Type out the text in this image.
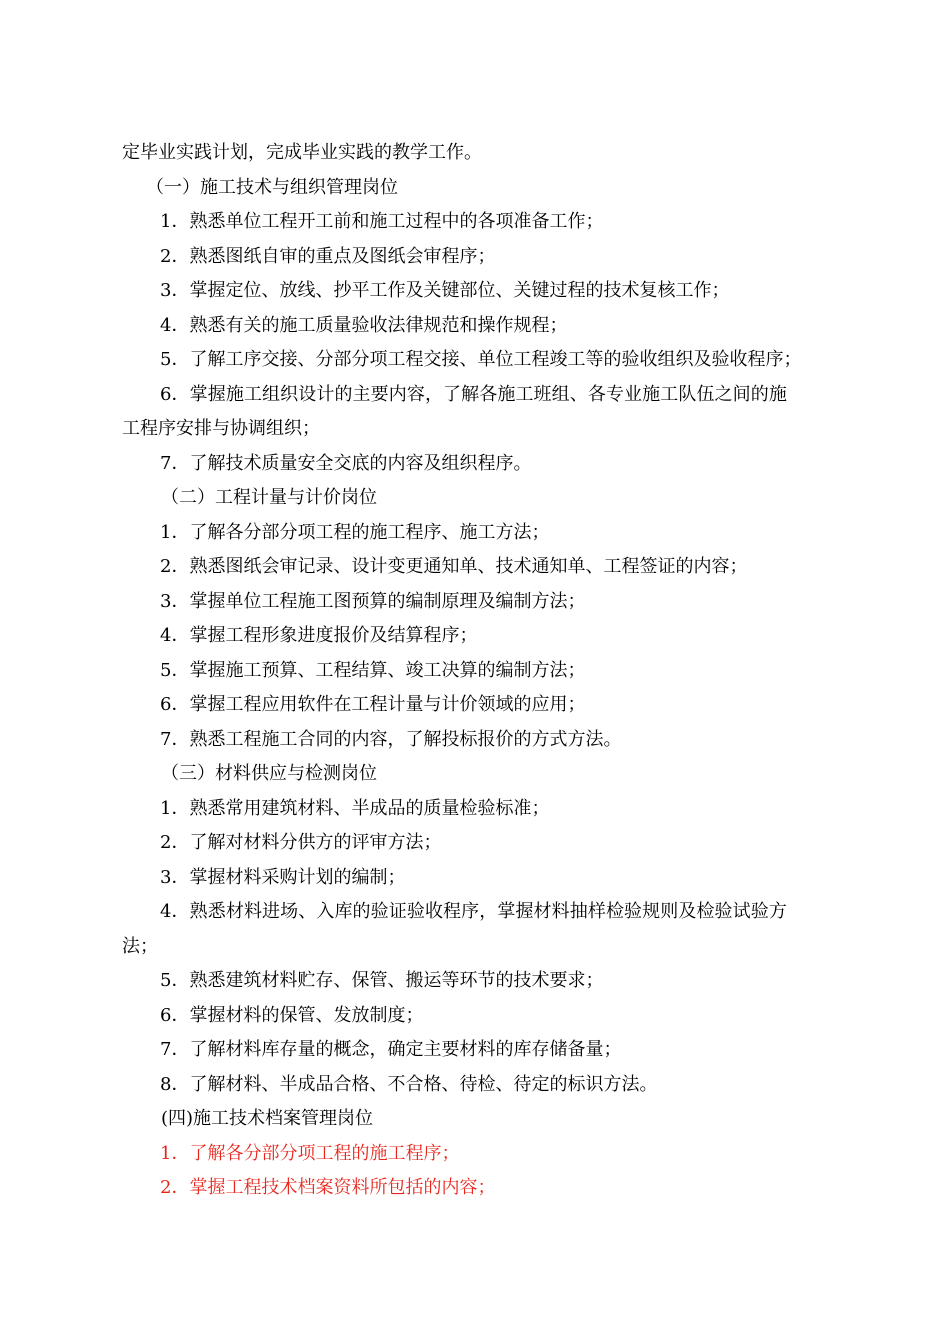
定毕业实践计划，完成毕业实践的教学工作。
（一）施工技术与组织管理岗位
1．熟悉单位工程开工前和施工过程中的各项准备工作；
2．熟悉图纸自审的重点及图纸会审程序；
3．掌握定位、放线、抄平工作及关键部位、关键过程的技术复核工作；
4．熟悉有关的施工质量验收法律规范和操作规程；
5．了解工序交接、分部分项工程交接、单位工程竣工等的验收组织及验收程序；
6．掌握施工组织设计的主要内容，了解各施工班组、各专业施工队伍之间的施
工程序安排与协调组织；
7．了解技术质量安全交底的内容及组织程序。
（二）工程计量与计价岗位
1．了解各分部分项工程的施工程序、施工方法；
2．熟悉图纸会审记录、设计变更通知单、技术通知单、工程签证的内容；
3．掌握单位工程施工图预算的编制原理及编制方法；
4．掌握工程形象进度报价及结算程序；
5．掌握施工预算、工程结算、竣工决算的编制方法；
6．掌握工程应用软件在工程计量与计价领域的应用；
7．熟悉工程施工合同的内容，了解投标报价的方式方法。
（三）材料供应与检测岗位
1．熟悉常用建筑材料、半成品的质量检验标准；
2．了解对材料分供方的评审方法；
3．掌握材料采购计划的编制；
4．熟悉材料进场、入库的验证验收程序，掌握材料抽样检验规则及检验试验方
法；
5．熟悉建筑材料贮存、保管、搬运等环节的技术要求；
6．掌握材料的保管、发放制度；
7．了解材料库存量的概念，确定主要材料的库存储备量；
8．了解材料、半成品合格、不合格、待检、待定的标识方法。
(四)施工技术档案管理岗位
1．了解各分部分项工程的施工程序；
2．掌握工程技术档案资料所包括的内容；
